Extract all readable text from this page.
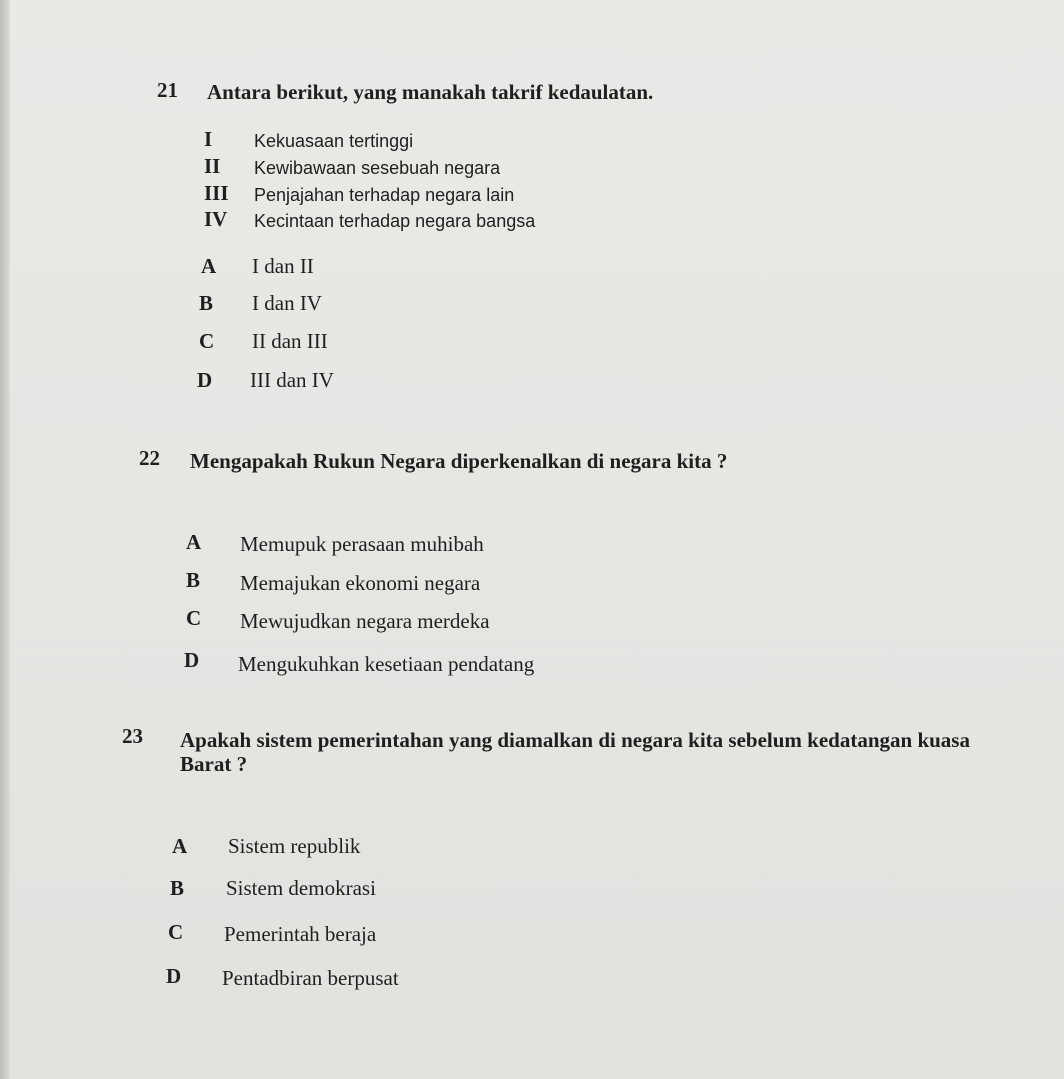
21 Antara berikut, yang manakah takrif kedaulatan.
I Kekuasaan tertinggi
II Kewibawaan sesebuah negara
III Penjajahan terhadap negara lain
IV Kecintaan terhadap negara bangsa
A I dan II
B I dan IV
C II dan III
D III dan IV
22 Mengapakah Rukun Negara diperkenalkan di negara kita ?
A Memupuk perasaan muhibah
B Memajukan ekonomi negara
C Mewujudkan negara merdeka
D Mengukuhkan kesetiaan pendatang
23 Apakah sistem pemerintahan yang diamalkan di negara kita sebelum kedatangan kuasa
Barat ?
A Sistem republik
B Sistem demokrasi
C Pemerintah beraja
D Pentadbiran berpusat
